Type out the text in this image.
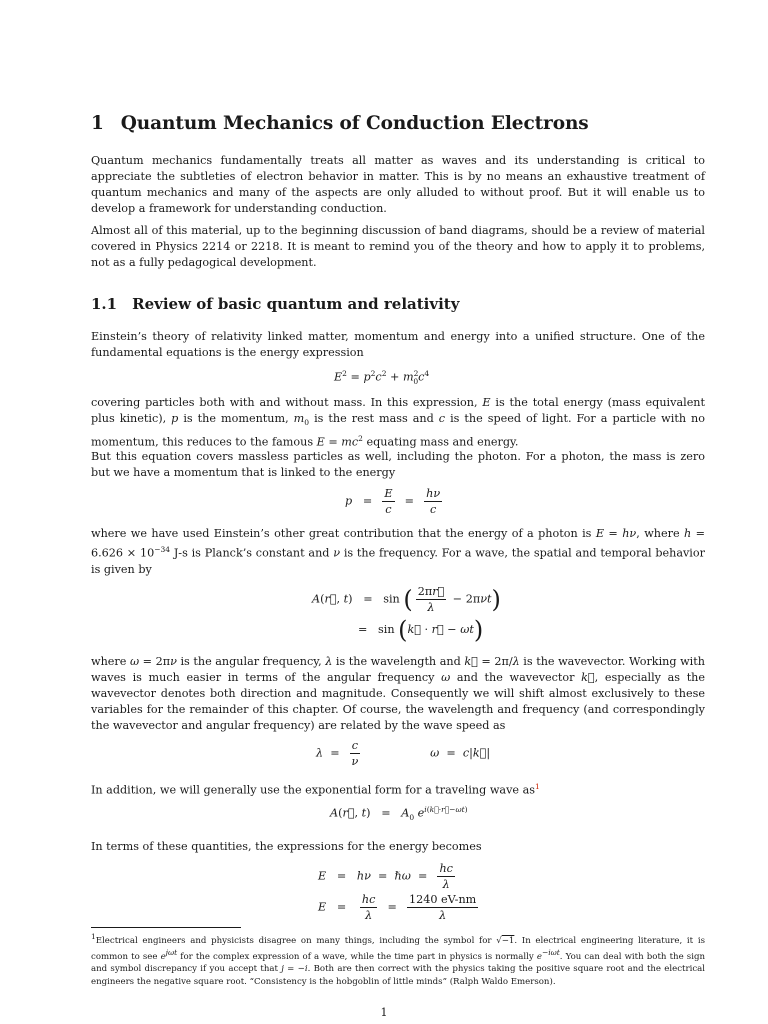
1 Quantum Mechanics of Conduction Electrons
Quantum mechanics fundamentally treats all matter as waves and its understanding is critical to appreciate the subtleties of electron behavior in matter. This is by no means an exhaustive treatment of quantum mechanics and many of the aspects are only alluded to without proof. But it will enable us to develop a framework for understanding conduction.
Almost all of this material, up to the beginning discussion of band diagrams, should be a review of material covered in Physics 2214 or 2218. It is meant to remind you of the theory and how to apply it to problems, not as a fully pedagogical development.
1.1 Review of basic quantum and relativity
Einstein’s theory of relativity linked matter, momentum and energy into a unified structure. One of the fundamental equations is the energy expression
$E^2 = p^2c^2 + m^2_0c^4$
covering particles both with and without mass. In this expression, E is the total energy (mass equivalent plus kinetic), p is the momentum, $m_0$ is the rest mass and c is the speed of light. For a particle with no momentum, this reduces to the famous $E = mc^2$ equating mass and energy.
But this equation covers massless particles as well, including the photon. For a photon, the mass is zero but we have a momentum that is linked to the energy
$p = \frac{E}{c} = \frac{h\nu}{c}$
where we have used Einstein’s other great contribution that the energy of a photon is E = hν, where $h = 6.626 \times 10^{-34}$ J-s is Planck’s constant and ν is the frequency. For a wave, the spatial and temporal behavior is given by
A(r⃗, t)   =   sin ( $\frac{2\pi r⃗}{\lambda} - 2\pi\nu t$)
=   sin (k⃗ · r⃗ − ωt)
where ω = 2πν is the angular frequency, λ is the wavelength and k⃗ = 2π/λ is the wavevector. Working with waves is much easier in terms of the angular frequency ω and the wavevector k⃗, especially as the wavevector denotes both direction and magnitude. Consequently we will shift almost exclusively to these variables for the remainder of this chapter. Of course, the wavelength and frequency (and correspondingly the wavevector and angular frequency) are related by the wave speed as
$\lambda = \frac{c}{\nu}$	ω  =  c|k⃗|
In addition, we will generally use the exponential form for a traveling wave as$^1$
A(r⃗, $t) = A_0$ $e^{i(k⃗\cdot r⃗-\omega t)}$
In terms of these quantities, the expressions for the energy becomes
E   =   hν  =  ℏω  = $\frac{hc}{\lambda}$
$E = \frac{hc}{\lambda} = \frac{1240 eV-nm}{\lambda}$
$^1$Electrical engineers and physicists disagree on many things, including the symbol for √−1. In electrical engineering literature, it is common to see $e^{j\omega t}$ for the complex expression of a wave, while the time part in physics is normally $e^{-i\omega t}$. You can deal with both the sign and symbol discrepancy if you accept that j = −i. Both are then correct with the physics taking the positive square root and the electrical engineers the negative square root. “Consistency is the hobgoblin of little minds” (Ralph Waldo Emerson).
1
